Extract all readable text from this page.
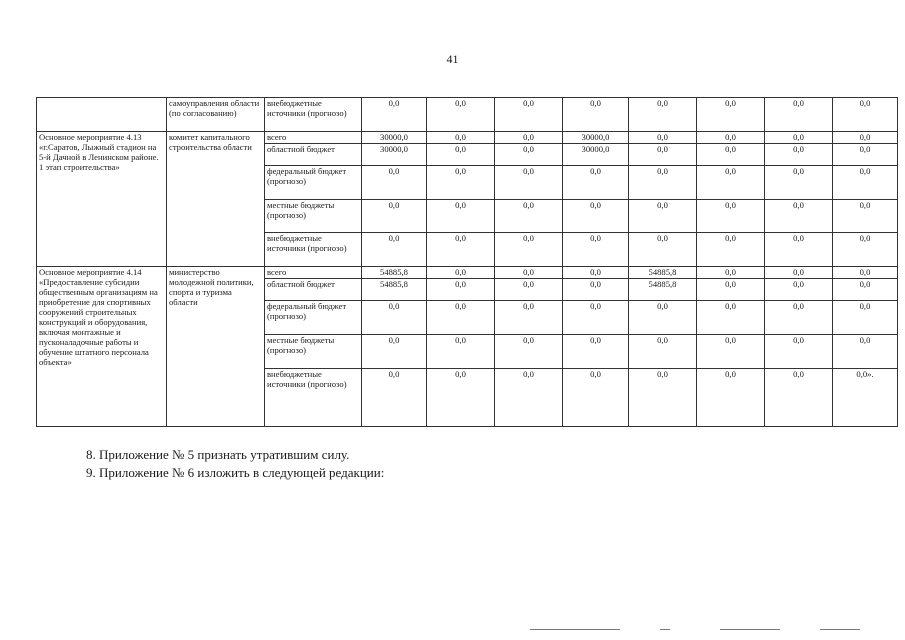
41
	самоуправления области (по согласованию)	внебюджетные источники (прогнозо)	0,0	0,0	0,0	0,0	0,0	0,0	0,0	0,0
Основное мероприятие 4.13 «г.Саратов, Лыжный стадион на 5-й Дачной в Ленинском районе. 1 этап строительства»	комитет капитального строительства области	всего	30000,0	0,0	0,0	30000,0	0,0	0,0	0,0	0,0
		областной бюджет	30000,0	0,0	0,0	30000,0	0,0	0,0	0,0	0,0
		федеральный бюджет (прогнозо)	0,0	0,0	0,0	0,0	0,0	0,0	0,0	0,0
		местные бюджеты (прогнозо)	0,0	0,0	0,0	0,0	0,0	0,0	0,0	0,0
		внебюджетные источники (прогнозо)	0,0	0,0	0,0	0,0	0,0	0,0	0,0	0,0
Основное мероприятие 4.14 «Предоставление субсидии общественным организациям на приобретение для спортивных сооружений строительных конструкций и оборудования, включая монтажные и пусконаладочные работы и обучение штатного персонала объекта»	министерство молодежной политики, спорта и туризма области	всего	54885,8	0,0	0,0	0,0	54885,8	0,0	0,0	0,0
		областной бюджет	54885,8	0,0	0,0	0,0	54885,8	0,0	0,0	0,0
		федеральный бюджет (прогнозо)	0,0	0,0	0,0	0,0	0,0	0,0	0,0	0,0
		местные бюджеты (прогнозо)	0,0	0,0	0,0	0,0	0,0	0,0	0,0	0,0
		внебюджетные источники (прогнозо)	0,0	0,0	0,0	0,0	0,0	0,0	0,0	0,0».
8. Приложение № 5 признать утратившим силу.
9. Приложение № 6 изложить в следующей редакции:
